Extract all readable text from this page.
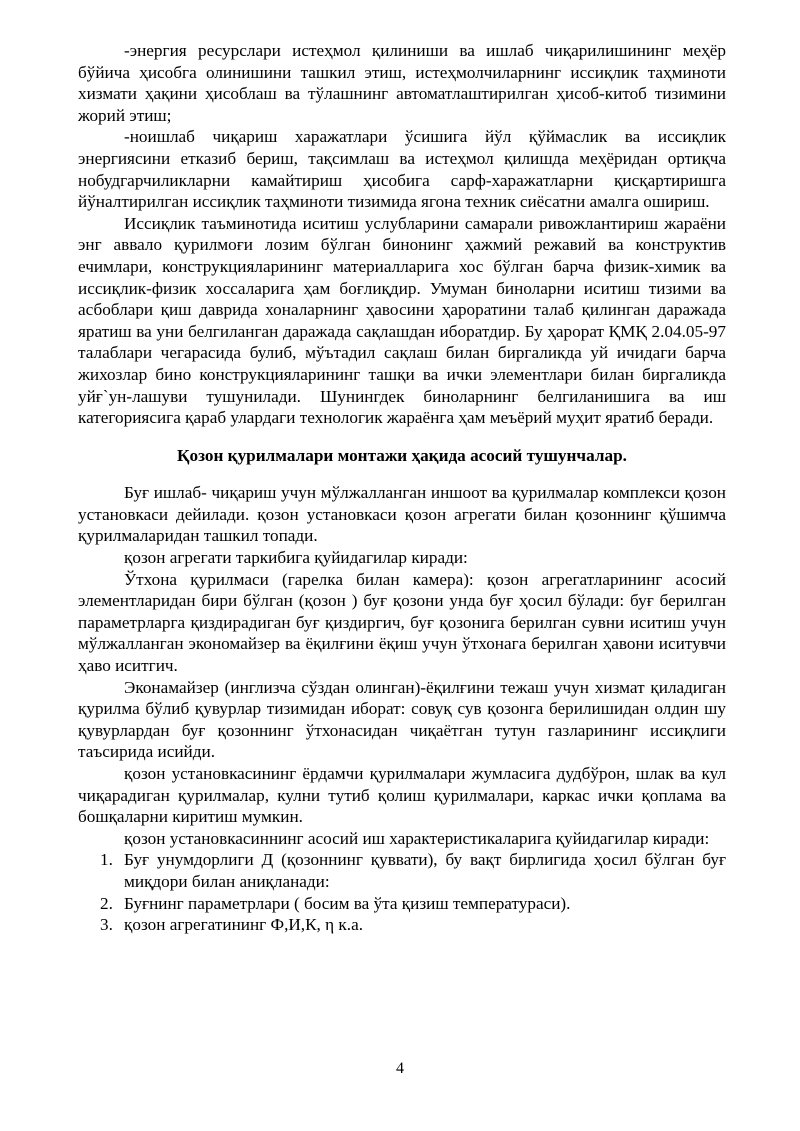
-энергия ресурслари истеҳмол қилиниши ва ишлаб чиқарилишининг меҳёр бўйича ҳисобга олинишини ташкил этиш, истеҳмолчиларнинг иссиқлик таҳминоти хизмати ҳақини ҳисоблаш ва тўлашнинг автоматлаштирилган ҳисоб-китоб тизимини жорий этиш;

-ноишлаб чиқариш харажатлари ўсишига йўл қўймаслик ва иссиқлик энергиясини етказиб бериш, тақсимлаш ва истеҳмол қилишда меҳёридан ортиқча нобудгарчиликларни камайтириш ҳисобига сарф-харажатларни қисқартиришга йўналтирилган иссиқлик таҳминоти тизимида ягона техник сиёсатни амалга ошириш.

Иссиқлик таъминотида иситиш услубларини самарали ривожлантириш жараёни энг аввало қурилмоғи лозим бўлган бинонинг ҳажмий режавий ва конструктив ечимлари, конструкцияларининг материалларига хос бўлган барча физик-химик ва иссиқлик-физик хоссаларига ҳам боғлиқдир. Умуман биноларни иситиш тизими ва асбоблари қиш даврида хоналарнинг ҳавосини ҳароратини талаб қилинган даражада яратиш ва уни белгиланган даражада сақлашдан иборатдир. Бу ҳарорат ҚМҚ 2.04.05-97 талаблари чегарасида булиб, мўътадил сақлаш билан биргаликда уй ичидаги барча жихозлар бино конструкцияларининг ташқи ва ички элементлари билан биргаликда уйғ`ун-лашуви тушунилади. Шунингдек биноларнинг белгиланишига ва иш категориясига қараб улардаги технологик жараёнга ҳам меъёрий муҳит яратиб беради.

Қозон қурилмалари монтажи ҳақида асосий тушунчалар.

Буғ ишлаб- чиқариш учун мўлжалланган иншоот ва қурилмалар комплекси қозон установкаси дейилади. қозон установкаси қозон агрегати билан қозоннинг қўшимча қурилмаларидан ташкил топади.

қозон агрегати таркибига қуйидагилар киради:

Ўтхона қурилмаси (гарелка билан камера): қозон агрегатларининг асосий элементларидан бири бўлган (қозон ) буғ қозони унда буғ ҳосил бўлади: буғ берилган параметрларга қиздирадиган буғ қиздиргич, буғ қозонига берилган сувни иситиш учун мўлжалланган экономайзер ва ёқилғини ёқиш учун ўтхонага берилган ҳавони иситувчи ҳаво иситгич.

Эконамайзер (инглизча сўздан олинган)-ёқилғини тежаш учун хизмат қиладиган қурилма бўлиб қувурлар тизимидан иборат: совуқ сув қозонга берилишидан олдин шу қувурлардан буғ қозоннинг ўтхонасидан чиқаётган тутун газларининг иссиқлиги таъсирида исийди.

қозон установкасининг ёрдамчи қурилмалари жумласига дудбўрон, шлак ва кул чиқарадиган қурилмалар, кулни тутиб қолиш қурилмалари, каркас ички қоплама ва бошқаларни киритиш мумкин.

қозон установкасиннинг асосий иш характеристикаларига қуйидагилар киради:

1. Буғ унумдорлиги Д (қозоннинг қуввати), бу вақт бирлигида ҳосил бўлган буғ миқдори билан аниқланади:
2. Буғнинг параметрлари ( босим ва ўта қизиш температураси).
3. қозон агрегатининг Ф,И,К, η к.а.
4
